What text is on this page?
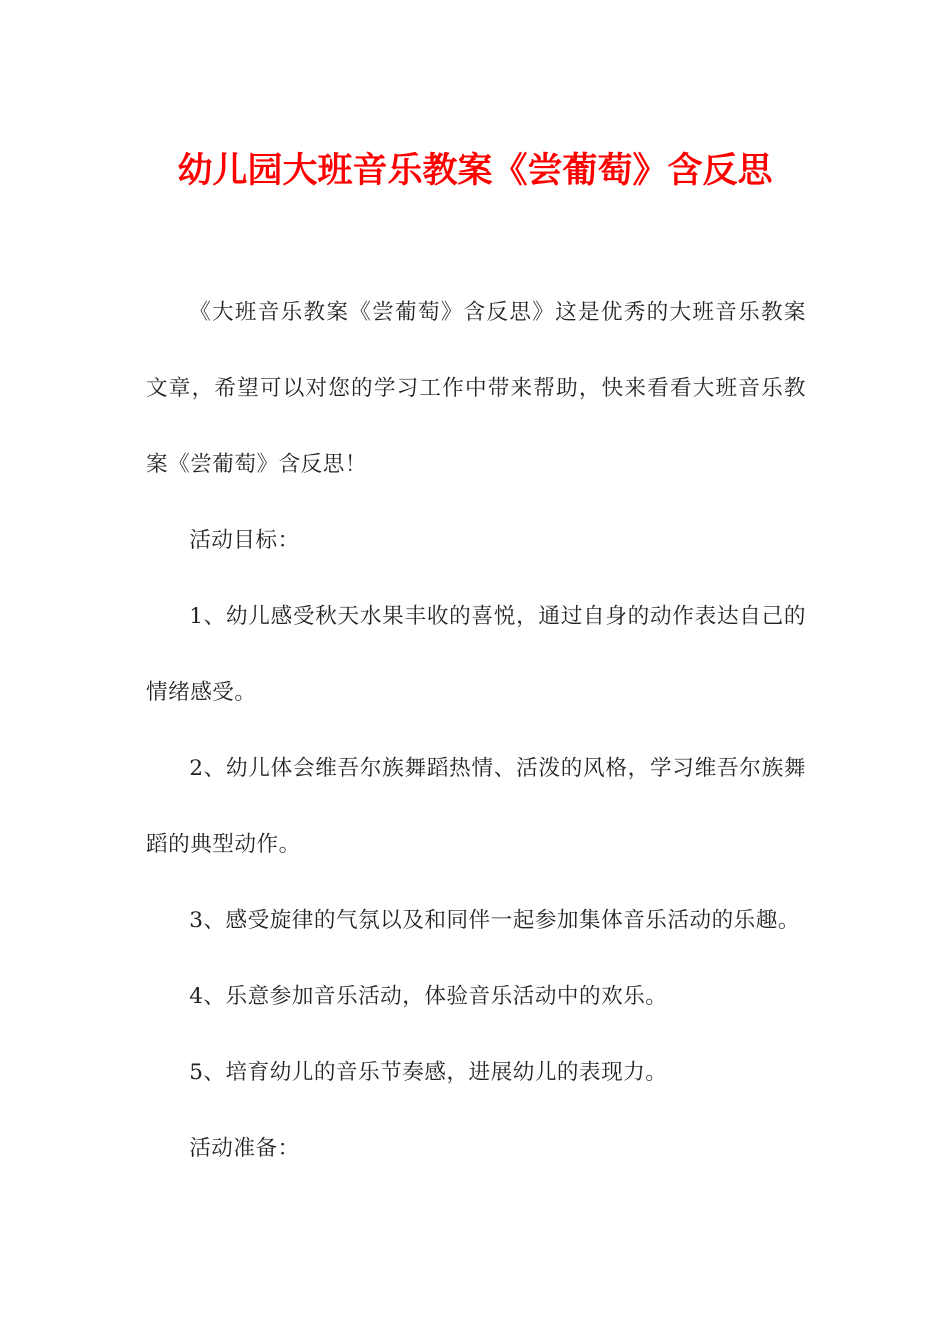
幼儿园大班音乐教案《尝葡萄》含反思

《大班音乐教案《尝葡萄》含反思》这是优秀的大班音乐教案文章，希望可以对您的学习工作中带来帮助，快来看看大班音乐教案《尝葡萄》含反思！

活动目标：

1、幼儿感受秋天水果丰收的喜悦，通过自身的动作表达自己的情绪感受。

2、幼儿体会维吾尔族舞蹈热情、活泼的风格，学习维吾尔族舞蹈的典型动作。

3、感受旋律的气氛以及和同伴一起参加集体音乐活动的乐趣。

4、乐意参加音乐活动，体验音乐活动中的欢乐。

5、培育幼儿的音乐节奏感，进展幼儿的表现力。

活动准备：
